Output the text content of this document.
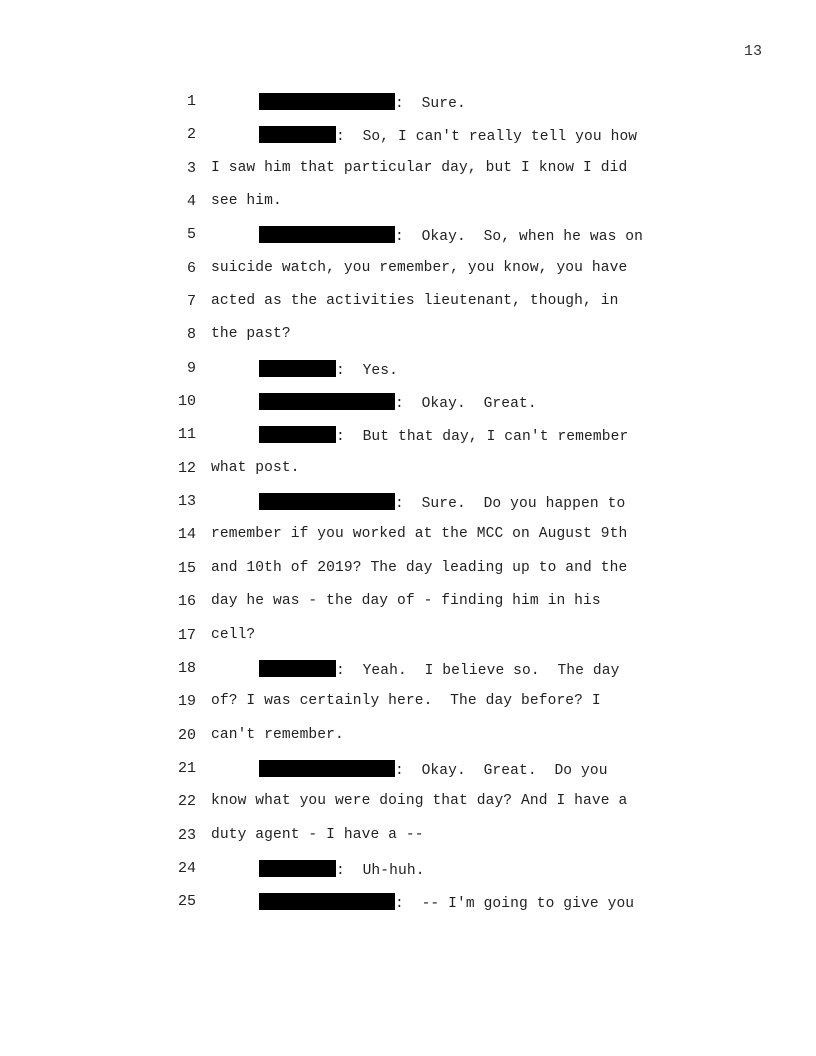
13
1	:  Sure.
2	:  So, I can't really tell you how
3 I saw him that particular day, but I know I did
4 see him.
5	:  Okay.  So, when he was on
6 suicide watch, you remember, you know, you have
7 acted as the activities lieutenant, though, in
8 the past?
9	:  Yes.
10	:  Okay.  Great.
11	:  But that day, I can't remember
12 what post.
13	:  Sure.  Do you happen to
14 remember if you worked at the MCC on August 9th
15 and 10th of 2019? The day leading up to and the
16 day he was - the day of - finding him in his
17 cell?
18	:  Yeah.  I believe so.  The day
19 of? I was certainly here.  The day before? I
20 can't remember.
21	:  Okay.  Great.  Do you
22 know what you were doing that day? And I have a
23 duty agent - I have a --
24	:  Uh-huh.
25	:  -- I'm going to give you
